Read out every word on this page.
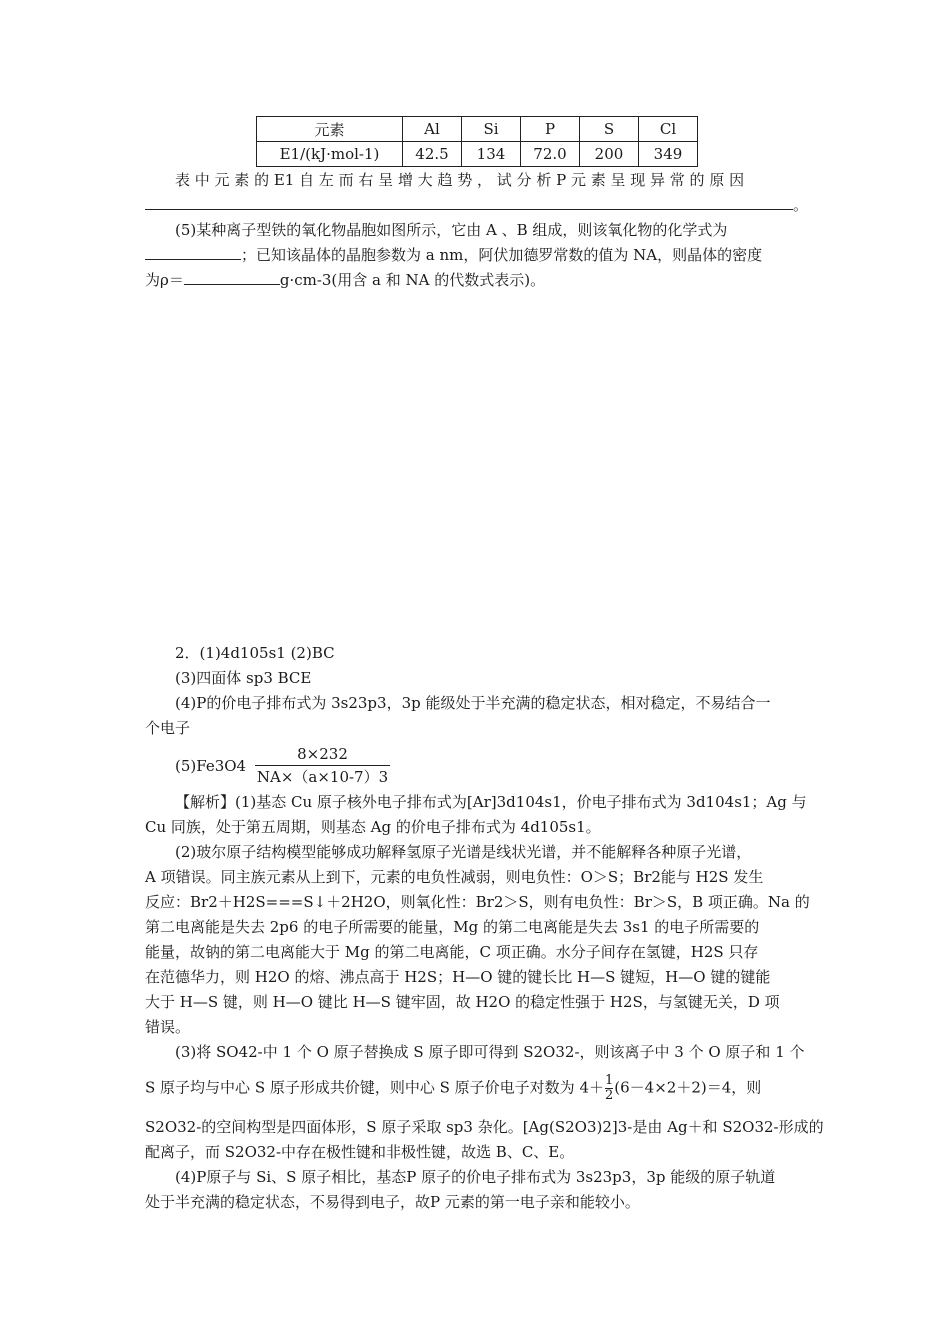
元素	Al	Si	P	S	Cl
E1/(kJ·mol-1)	42.5	134	72.0	200	349
表 中 元 素 的 E1 自 左 而 右 呈 增 大 趋 势 ， 试 分 析 P 元 素 呈 现 异 常 的 原 因
。
(5)某种离子型铁的氧化物晶胞如图所示，它由 A 、B 组成，则该氧化物的化学式为
；已知该晶体的晶胞参数为 a nm，阿伏加德罗常数的值为 NA，则晶体的密度
为ρ＝	g·cm-3(用含 a 和 NA 的代数式表示)。
2．(1)4d105s1 (2)BC
(3)四面体 sp3 BCE
(4)P的价电子排布式为 3s23p3，3p 能级处于半充满的稳定状态，相对稳定，不易结合一
个电子
$(5)Fe3O4 \frac{8\times 232}{NA\times(a\times 10-7)3}$
【解析】(1)基态 Cu 原子核外电子排布式为[Ar]3d104s1，价电子排布式为 3d104s1；Ag 与
Cu 同族，处于第五周期，则基态 Ag 的价电子排布式为 4d105s1。
(2)玻尔原子结构模型能够成功解释氢原子光谱是线状光谱，并不能解释各种原子光谱，
A 项错误。同主族元素从上到下，元素的电负性减弱，则电负性：O＞S；Br2能与 H2S 发生
反应：Br2＋H2S===S↓＋2H2O，则氧化性：Br2＞S，则有电负性：Br＞S，B 项正确。Na 的
第二电离能是失去 2p6 的电子所需要的能量，Mg 的第二电离能是失去 3s1 的电子所需要的
能量，故钠的第二电离能大于 Mg 的第二电离能，C 项正确。水分子间存在氢键，H2S 只存
在范德华力，则 H2O 的熔、沸点高于 H2S；H—O 键的键长比 H—S 键短，H—O 键的键能
大于 H—S 键，则 H—O 键比 H—S 键牢固，故 H2O 的稳定性强于 H2S，与氢键无关，D 项
错误。
(3)将 SO42-中 1 个 O 原子替换成 S 原子即可得到 S2O32-，则该离子中 3 个 O 原子和 1 个
S 原子均与中心 S 原子形成共价键，则中心 S 原子价电子对数为 $4+ \frac{1}{2} (6-4\times 2+2)=4$，则
S2O32-的空间构型是四面体形，S 原子采取 sp3 杂化。[Ag(S2O3)2]3-是由 Ag＋和 S2O32-形成的
配离子，而 S2O32-中存在极性键和非极性键，故选 B、C、E。
(4)P原子与 Si、S 原子相比，基态P 原子的价电子排布式为 3s23p3，3p 能级的原子轨道
处于半充满的稳定状态，不易得到电子，故P 元素的第一电子亲和能较小。
